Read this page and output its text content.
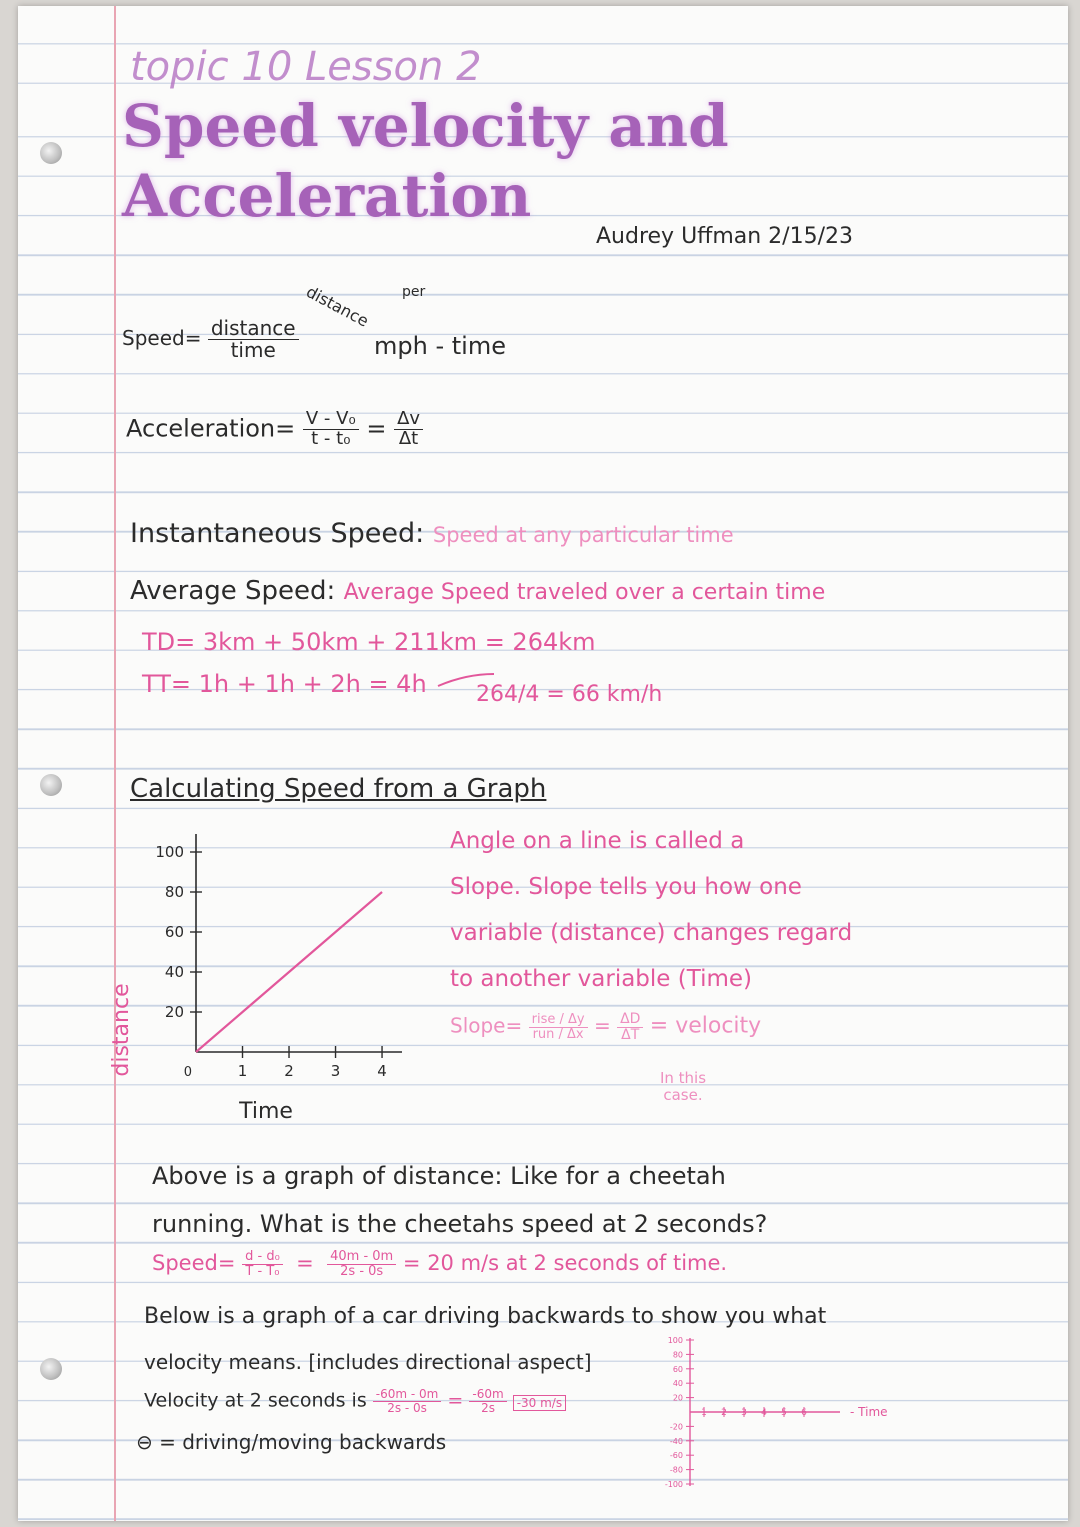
topic 10 Lesson 2
Speed velocity and
Acceleration
Audrey Uffman 2/15/23
Speed= $\frac{\text{distance}}{\text{time}}$
distance per
mph - time
Acceleration= $\frac{\text{V - V₀}}{\text{t - t₀}} = \frac{\Delta v}{\Delta t}$
Instantaneous Speed: Speed at any particular time
Average Speed: Average Speed traveled over a certain time
TD= 3km + 50km + 211km = 264km
TT= 1h + 1h + 2h = 4h 264/4 = 66 km/h
Calculating Speed from a Graph
distance
Time
20
40
60
80
100
1 2 3 4
0
Angle on a line is called a
Slope. Slope tells you how one
variable (distance) changes regard
to another variable (Time)
Slope= $\frac{\text{rise / Δy}}{\text{run / Δx}} = \frac{\Delta D}{\Delta T}$ = velocity
In this case.
Above is a graph of distance: Like for a cheetah
running. What is the cheetahs speed at 2 seconds?
Speed= $\frac{\text{d - d₀}}{\text{T - T₀}} = \frac{40m - 0m}{2s - 0s} = 20$ m/s at 2 seconds of time.
Below is a graph of a car driving backwards to show you what
velocity means. [includes directional aspect]
Velocity at 2 seconds is $\frac{-60m - 0m}{2s - 0s} = \frac{-60m}{2s} -30$ m/s
⊖ = driving/moving backwards
100
80
60
40
20
-20
-40
-60
-80
-100
1 2 3 4 5 6	- Time
